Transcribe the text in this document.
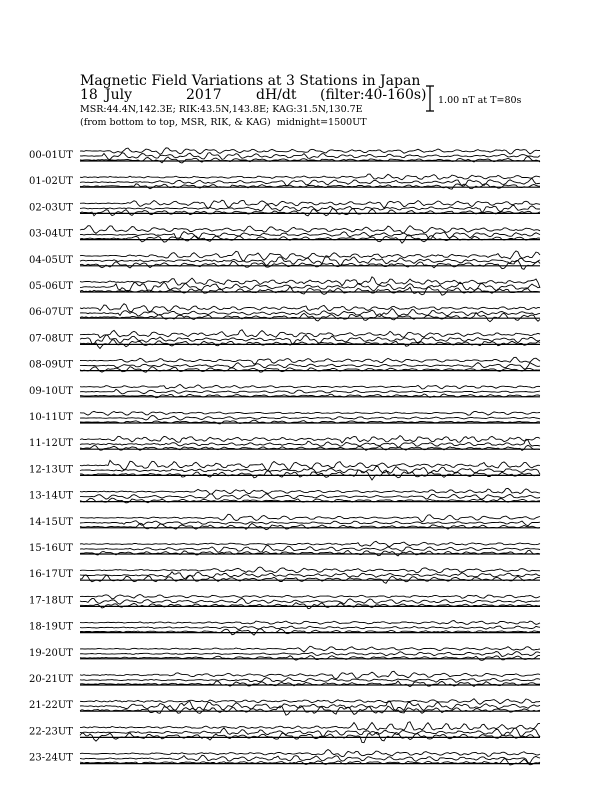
Magnetic Field Variations at 3 Stations in Japan
18 July	2017 dH/dt (filter:40-160s)
MSR:44.4N,142.3E; RIK:43.5N,143.8E; KAG:31.5N,130.7E
(from bottom to top, MSR, RIK, & KAG) midnight=1500UT
1.00 nT at T=80s
00-01UT
01-02UT
02-03UT
03-04UT
04-05UT
05-06UT
06-07UT
07-08UT
08-09UT
09-10UT
10-11UT
11-12UT
12-13UT
13-14UT
14-15UT
15-16UT
16-17UT
17-18UT
18-19UT
19-20UT
20-21UT
21-22UT
22-23UT
23-24UT
